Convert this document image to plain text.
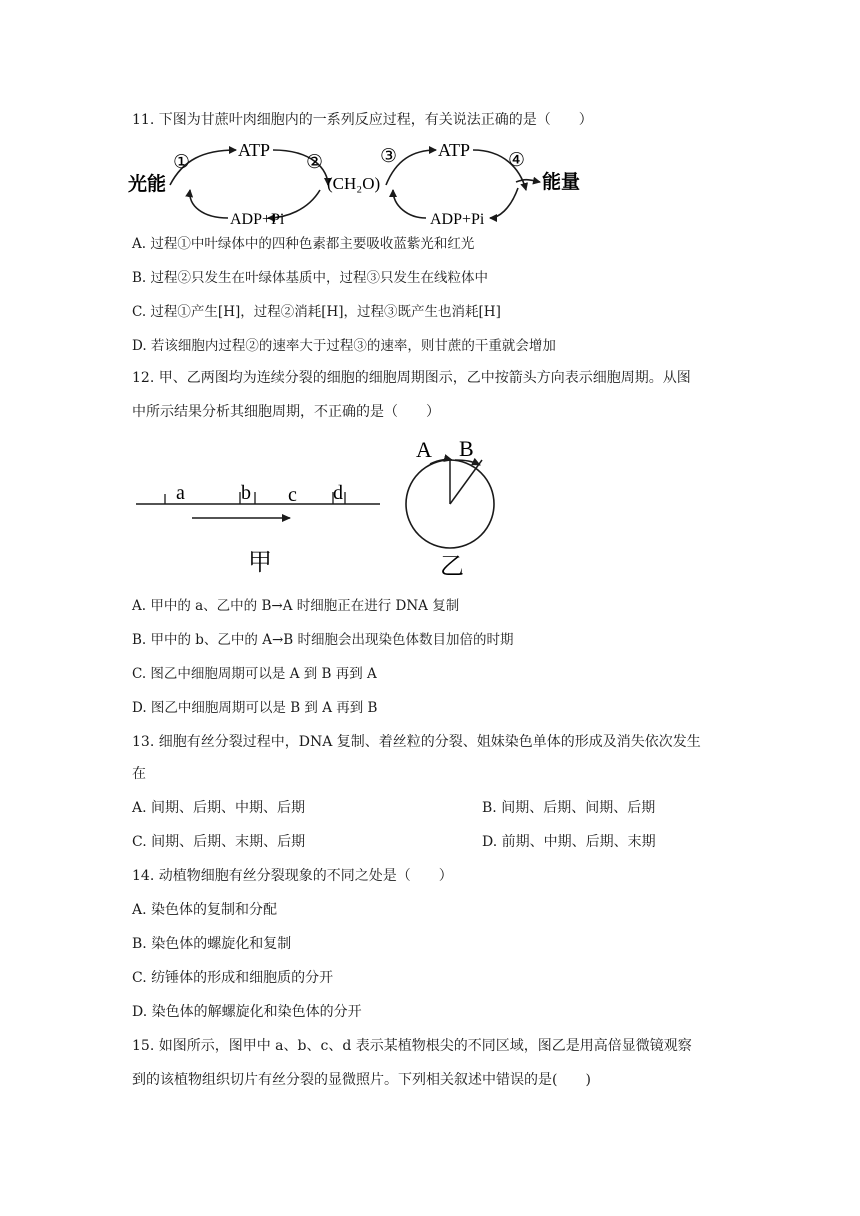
11. 下图为甘蔗叶肉细胞内的一系列反应过程，有关说法正确的是（　　）
光能
①
ATP
②
(CH₂O)
③ ATP ④
能量
ADP+Pi	ADP+Pi
A. 过程①中叶绿体中的四种色素都主要吸收蓝紫光和红光
B. 过程②只发生在叶绿体基质中，过程③只发生在线粒体中
C. 过程①产生[H]，过程②消耗[H]，过程③既产生也消耗[H]
D. 若该细胞内过程②的速率大于过程③的速率，则甘蔗的干重就会增加
12. 甲、乙两图均为连续分裂的细胞的细胞周期图示，乙中按箭头方向表示细胞周期。从图
中所示结果分析其细胞周期，不正确的是（　　）
a	b c d
甲
A B
乙
A. 甲中的 a、乙中的 B→A 时细胞正在进行 DNA 复制
B. 甲中的 b、乙中的 A→B 时细胞会出现染色体数目加倍的时期
C. 图乙中细胞周期可以是 A 到 B 再到 A
D. 图乙中细胞周期可以是 B 到 A 再到 B
13. 细胞有丝分裂过程中，DNA 复制、着丝粒的分裂、姐妹染色单体的形成及消失依次发生
在
A. 间期、后期、中期、后期	B. 间期、后期、间期、后期
C. 间期、后期、末期、后期	D. 前期、中期、后期、末期
14. 动植物细胞有丝分裂现象的不同之处是（　　）
A. 染色体的复制和分配
B. 染色体的螺旋化和复制
C. 纺锤体的形成和细胞质的分开
D. 染色体的解螺旋化和染色体的分开
15. 如图所示，图甲中 a、b、c、d 表示某植物根尖的不同区域，图乙是用高倍显微镜观察
到的该植物组织切片有丝分裂的显微照片。下列相关叙述中错误的是(　　)
